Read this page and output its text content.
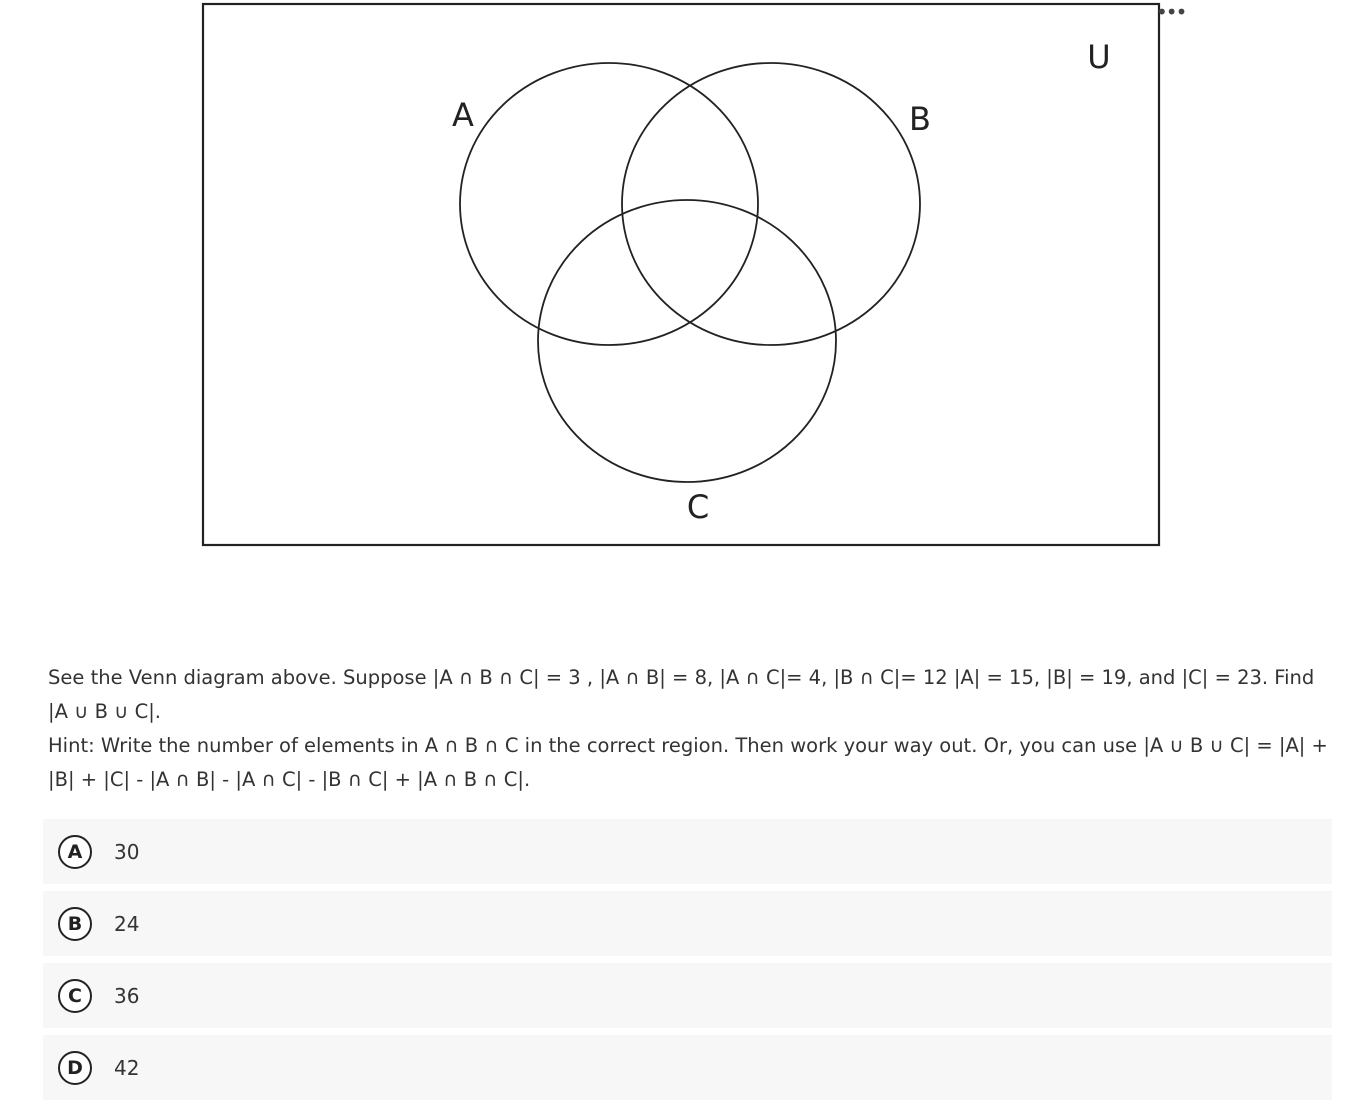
U
A	B
C
•••

See the Venn diagram above. Suppose |A ∩ B ∩ C| = 3 , |A ∩ B| = 8, |A ∩ C|= 4, |B ∩ C|= 12 |A| = 15, |B| = 19, and |C| = 23. Find |A ∪ B ∪ C|.

Hint: Write the number of elements in A ∩ B ∩ C in the correct region. Then work your way out. Or, you can use |A ∪ B ∪ C| = |A| + |B| + |C| - |A ∩ B| - |A ∩ C| - |B ∩ C| + |A ∩ B ∩ C|.

A	30
B	24
C	36
D	42
